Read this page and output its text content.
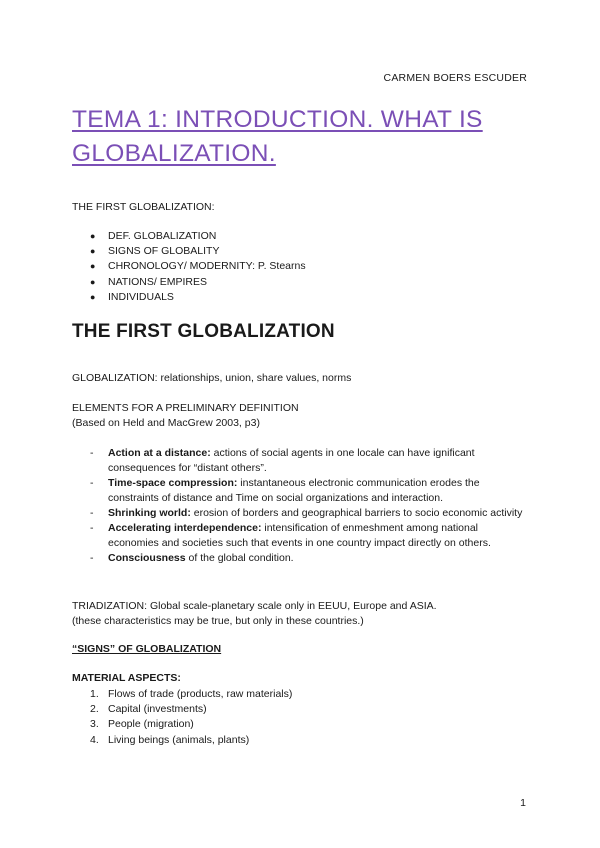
CARMEN BOERS ESCUDER
TEMA 1: INTRODUCTION. WHAT IS GLOBALIZATION.
THE FIRST GLOBALIZATION:
● DEF. GLOBALIZATION
● SIGNS OF GLOBALITY
● CHRONOLOGY/ MODERNITY: P. Stearns
● NATIONS/ EMPIRES
● INDIVIDUALS
THE FIRST GLOBALIZATION
GLOBALIZATION: relationships, union, share values, norms
ELEMENTS FOR A PRELIMINARY DEFINITION
(Based on Held and MacGrew 2003, p3)
- Action at a distance: actions of social agents in one locale can have ignificant consequences for “distant others”.
- Time-space compression: instantaneous electronic communication erodes the constraints of distance and Time on social organizations and interaction.
- Shrinking world: erosion of borders and geographical barriers to socio economic activity
- Accelerating interdependence: intensification of enmeshment among national economies and societies such that events in one country impact directly on others.
- Consciousness of the global condition.
TRIADIZATION: Global scale-planetary scale only in EEUU, Europe and ASIA.
(these characteristics may be true, but only in these countries.)
“SIGNS” OF GLOBALIZATION
MATERIAL ASPECTS:
1. Flows of trade (products, raw materials)
2. Capital (investments)
3. People (migration)
4. Living beings (animals, plants)
1
